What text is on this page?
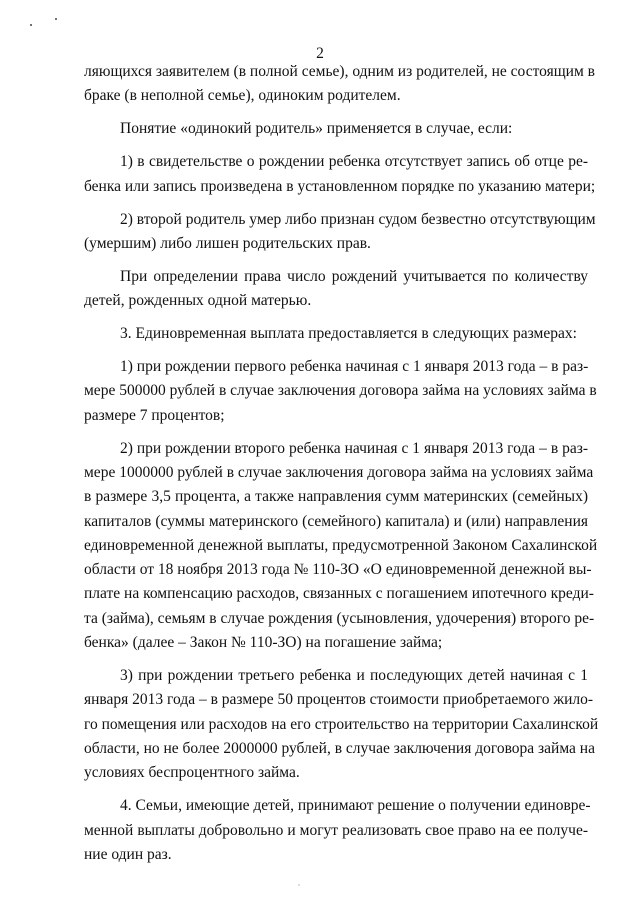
2

ляющихся заявителем (в полной семье), одним из родителей, не состоящим в
браке (в неполной семье), одиноким родителем.

Понятие «одинокий родитель» применяется в случае, если:

1) в свидетельстве о рождении ребенка отсутствует запись об отце ре-
бенка или запись произведена в установленном порядке по указанию матери;

2) второй родитель умер либо признан судом безвестно отсутствующим
(умершим) либо лишен родительских прав.

При определении права число рождений учитывается по количеству
детей, рожденных одной матерью.

3. Единовременная выплата предоставляется в следующих размерах:

1) при рождении первого ребенка начиная с 1 января 2013 года – в раз-
мере 500000 рублей в случае заключения договора займа на условиях займа в
размере 7 процентов;

2) при рождении второго ребенка начиная с 1 января 2013 года – в раз-
мере 1000000 рублей в случае заключения договора займа на условиях займа
в размере 3,5 процента, а также направления сумм материнских (семейных)
капиталов (суммы материнского (семейного) капитала) и (или) направления
единовременной денежной выплаты, предусмотренной Законом Сахалинской
области от 18 ноября 2013 года № 110-ЗО «О единовременной денежной вы-
плате на компенсацию расходов, связанных с погашением ипотечного креди-
та (займа), семьям в случае рождения (усыновления, удочерения) второго ре-
бенка» (далее – Закон № 110-ЗО) на погашение займа;

3) при рождении третьего ребенка и последующих детей начиная с 1
января 2013 года – в размере 50 процентов стоимости приобретаемого жило-
го помещения или расходов на его строительство на территории Сахалинской
области, но не более 2000000 рублей, в случае заключения договора займа на
условиях беспроцентного займа.

4. Семьи, имеющие детей, принимают решение о получении единовре-
менной выплаты добровольно и могут реализовать свое право на ее получе-
ние один раз.
